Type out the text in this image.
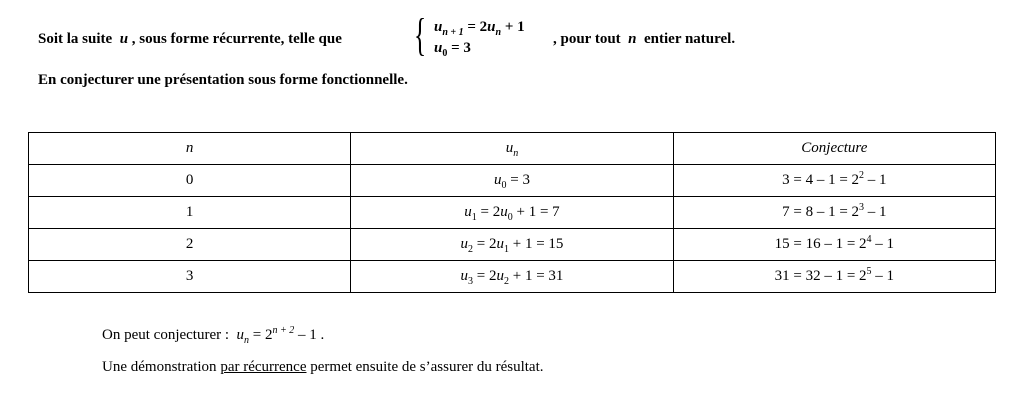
Soit la suite u , sous forme récurrente, telle que { $u_{n + 1} = 2u_n + 1$
$u_0 = 3$
, pour tout n entier naturel.
En conjecturer une présentation sous forme fonctionnelle.
n	$u_n$	Conjecture
0	$u_0 = 3$	$3 = 4 - 1 = 2^2 - 1$
1	$u_1 = 2u_0 + 1 = 7$	$7 = 8 - 1 = 2^3 - 1$
2	$u_2 = 2u_1 + 1 = 15$	$15 = 16 - 1 = 2^4 - 1$
3	$u_3 = 2u_2 + 1 = 31$	$31 = 32 - 1 = 2^5 - 1$
On peut conjecturer : $u_n = 2^{n + 2} - 1$ .
Une démonstration par récurrence permet ensuite de s’assurer du résultat.
